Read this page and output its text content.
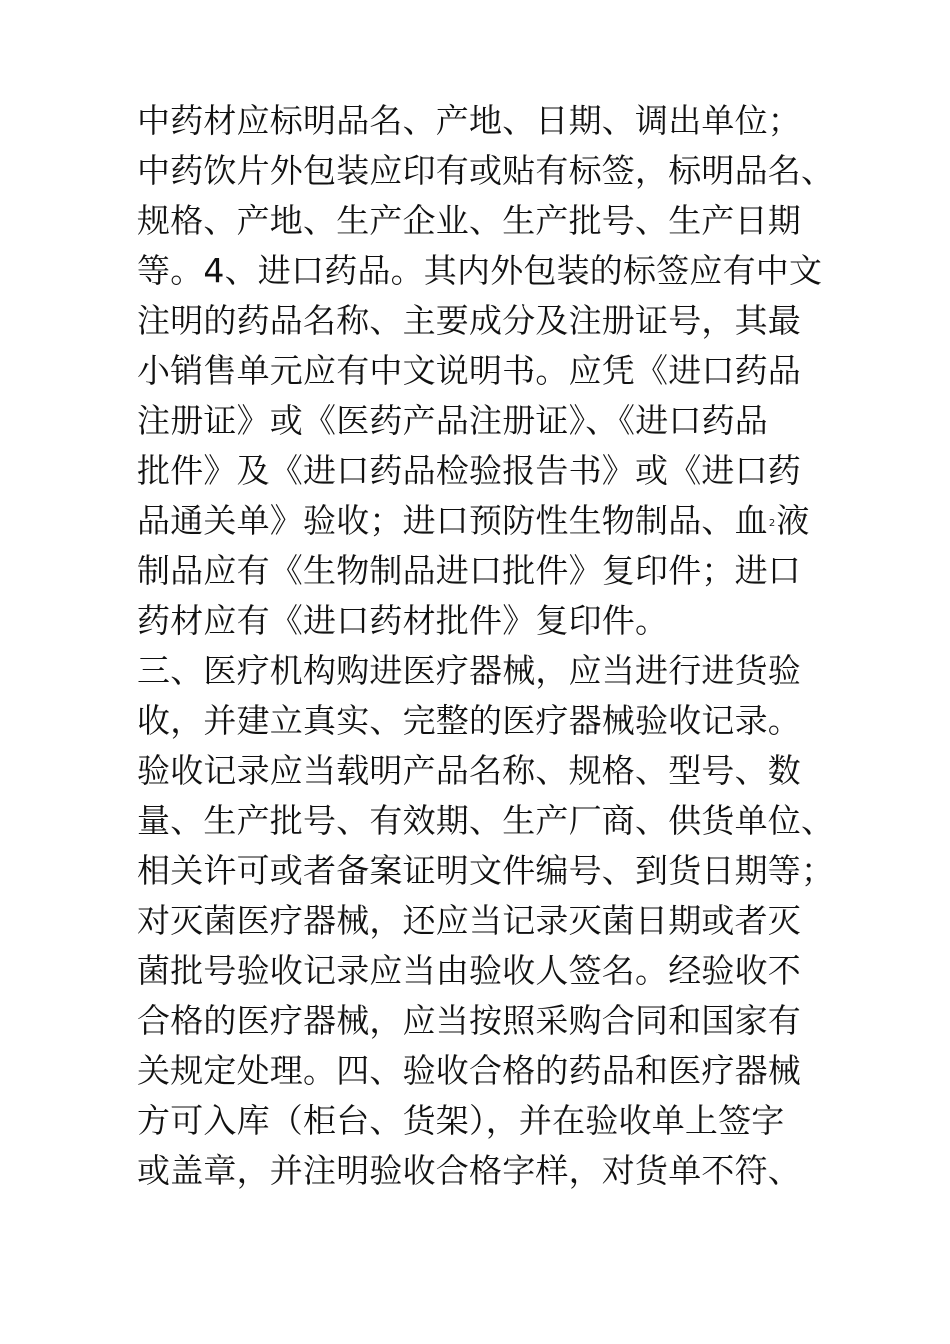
中药材应标明品名、产地、日期、调出单位；
中药饮片外包装应印有或贴有标签，标明品名、
规格、产地、生产企业、生产批号、生产日期
等。4、进口药品。其内外包装的标签应有中文
注明的药品名称、主要成分及注册证号，其最
小销售单元应有中文说明书。应凭《进口药品
注册证》或《医药产品注册证》、《进口药品
批件》及《进口药品检验报告书》或《进口药
品通关单》验收；进口预防性生物制品、血$^2$液
制品应有《生物制品进口批件》复印件；进口
药材应有《进口药材批件》复印件。
三、医疗机构购进医疗器械，应当进行进货验
收，并建立真实、完整的医疗器械验收记录。
验收记录应当载明产品名称、规格、型号、数
量、生产批号、有效期、生产厂商、供货单位、
相关许可或者备案证明文件编号、到货日期等；
对灭菌医疗器械，还应当记录灭菌日期或者灭
菌批号验收记录应当由验收人签名。经验收不
合格的医疗器械，应当按照采购合同和国家有
关规定处理。四、验收合格的药品和医疗器械
方可入库（柜台、货架），并在验收单上签字
或盖章，并注明验收合格字样，对货单不符、
